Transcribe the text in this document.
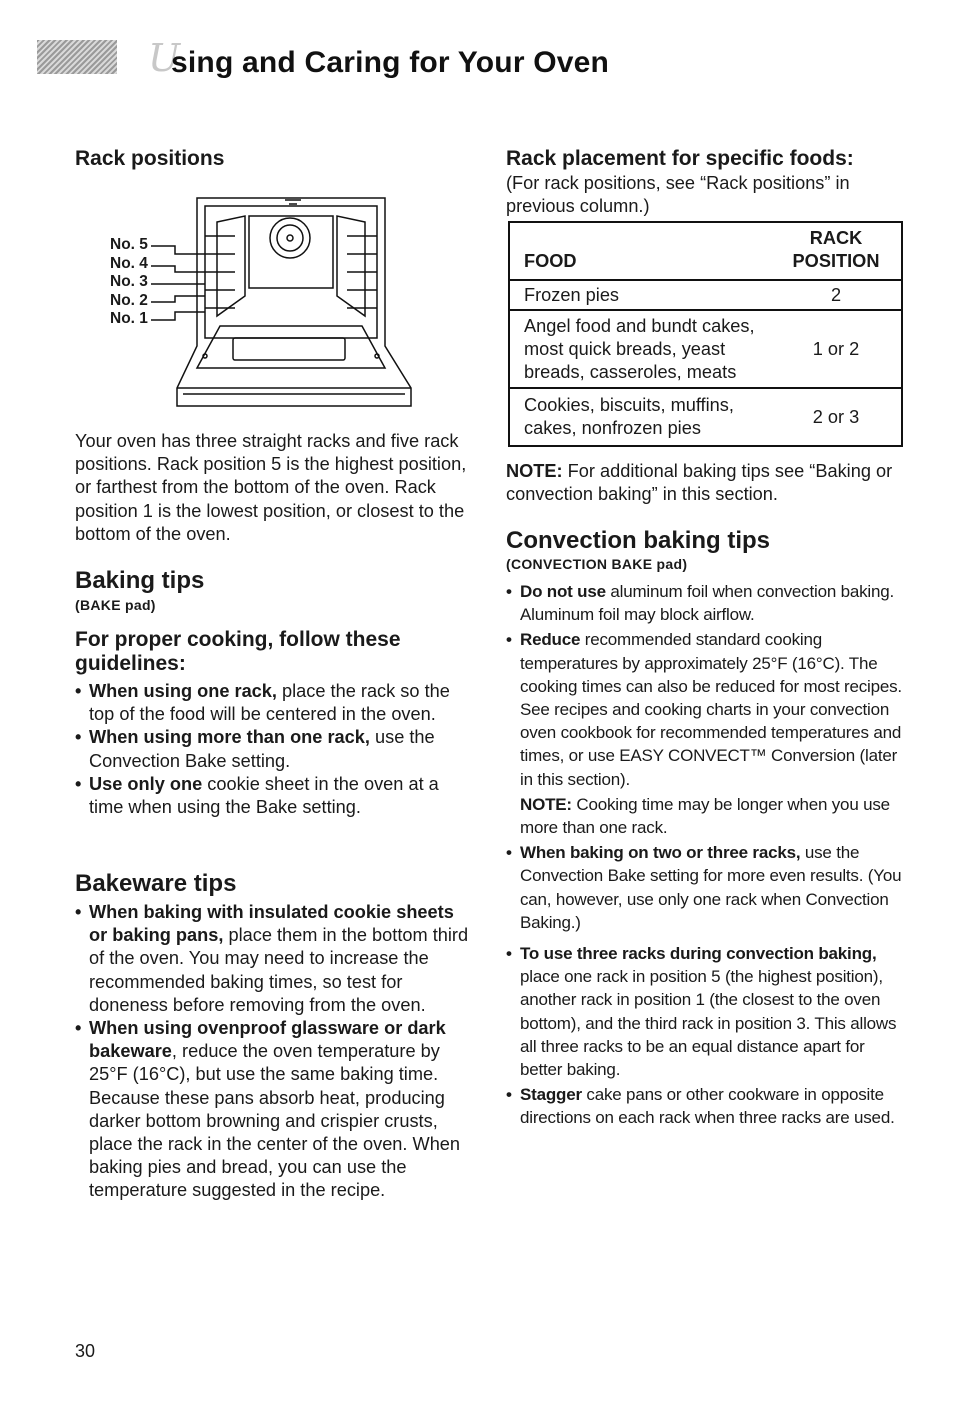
U
sing and Caring for Your Oven
Rack positions
No. 5
No. 4
No. 3
No. 2
No. 1
Your oven has three straight racks and five rack positions. Rack position 5 is the highest position, or farthest from the bottom of the oven. Rack position 1 is the lowest position, or closest to the bottom of the oven.
Baking tips
(BAKE pad)
For proper cooking, follow these guidelines:
• When using one rack, place the rack so the top of the food will be centered in the oven.
• When using more than one rack, use the Convection Bake setting.
• Use only one cookie sheet in the oven at a time when using the Bake setting.
Bakeware tips
• When baking with insulated cookie sheets or baking pans, place them in the bottom third of the oven. You may need to increase the recommended baking times, so test for doneness before removing from the oven.
• When using ovenproof glassware or dark bakeware, reduce the oven temperature by 25°F (16°C), but use the same baking time. Because these pans absorb heat, producing darker bottom browning and crispier crusts, place the rack in the center of the oven. When baking pies and bread, you can use the temperature suggested in the recipe.
Rack placement for specific foods:
(For rack positions, see “Rack positions” in previous column.)
FOOD	RACK
POSITION

Frozen pies	2
Angel food and bundt cakes, most quick breads, yeast breads, casseroles, meats	1 or 2
Cookies, biscuits, muffins, cakes, nonfrozen pies	2 or 3
NOTE: For additional baking tips see “Baking or convection baking” in this section.
Convection baking tips
(CONVECTION BAKE pad)
• Do not use aluminum foil when convection baking. Aluminum foil may block airflow.
• Reduce recommended standard cooking temperatures by approximately 25°F (16°C). The cooking times can also be reduced for most recipes. See recipes and cooking charts in your convection oven cookbook for recommended temperatures and times, or use EASY CONVECT™ Conversion (later in this section).
NOTE: Cooking time may be longer when you use more than one rack.
• When baking on two or three racks, use the Convection Bake setting for more even results. (You can, however, use only one rack when Convection Baking.)
• To use three racks during convection baking, place one rack in position 5 (the highest position), another rack in position 1 (the closest to the oven bottom), and the third rack in position 3. This allows all three racks to be an equal distance apart for better baking.
• Stagger cake pans or other cookware in opposite directions on each rack when three racks are used.
30
